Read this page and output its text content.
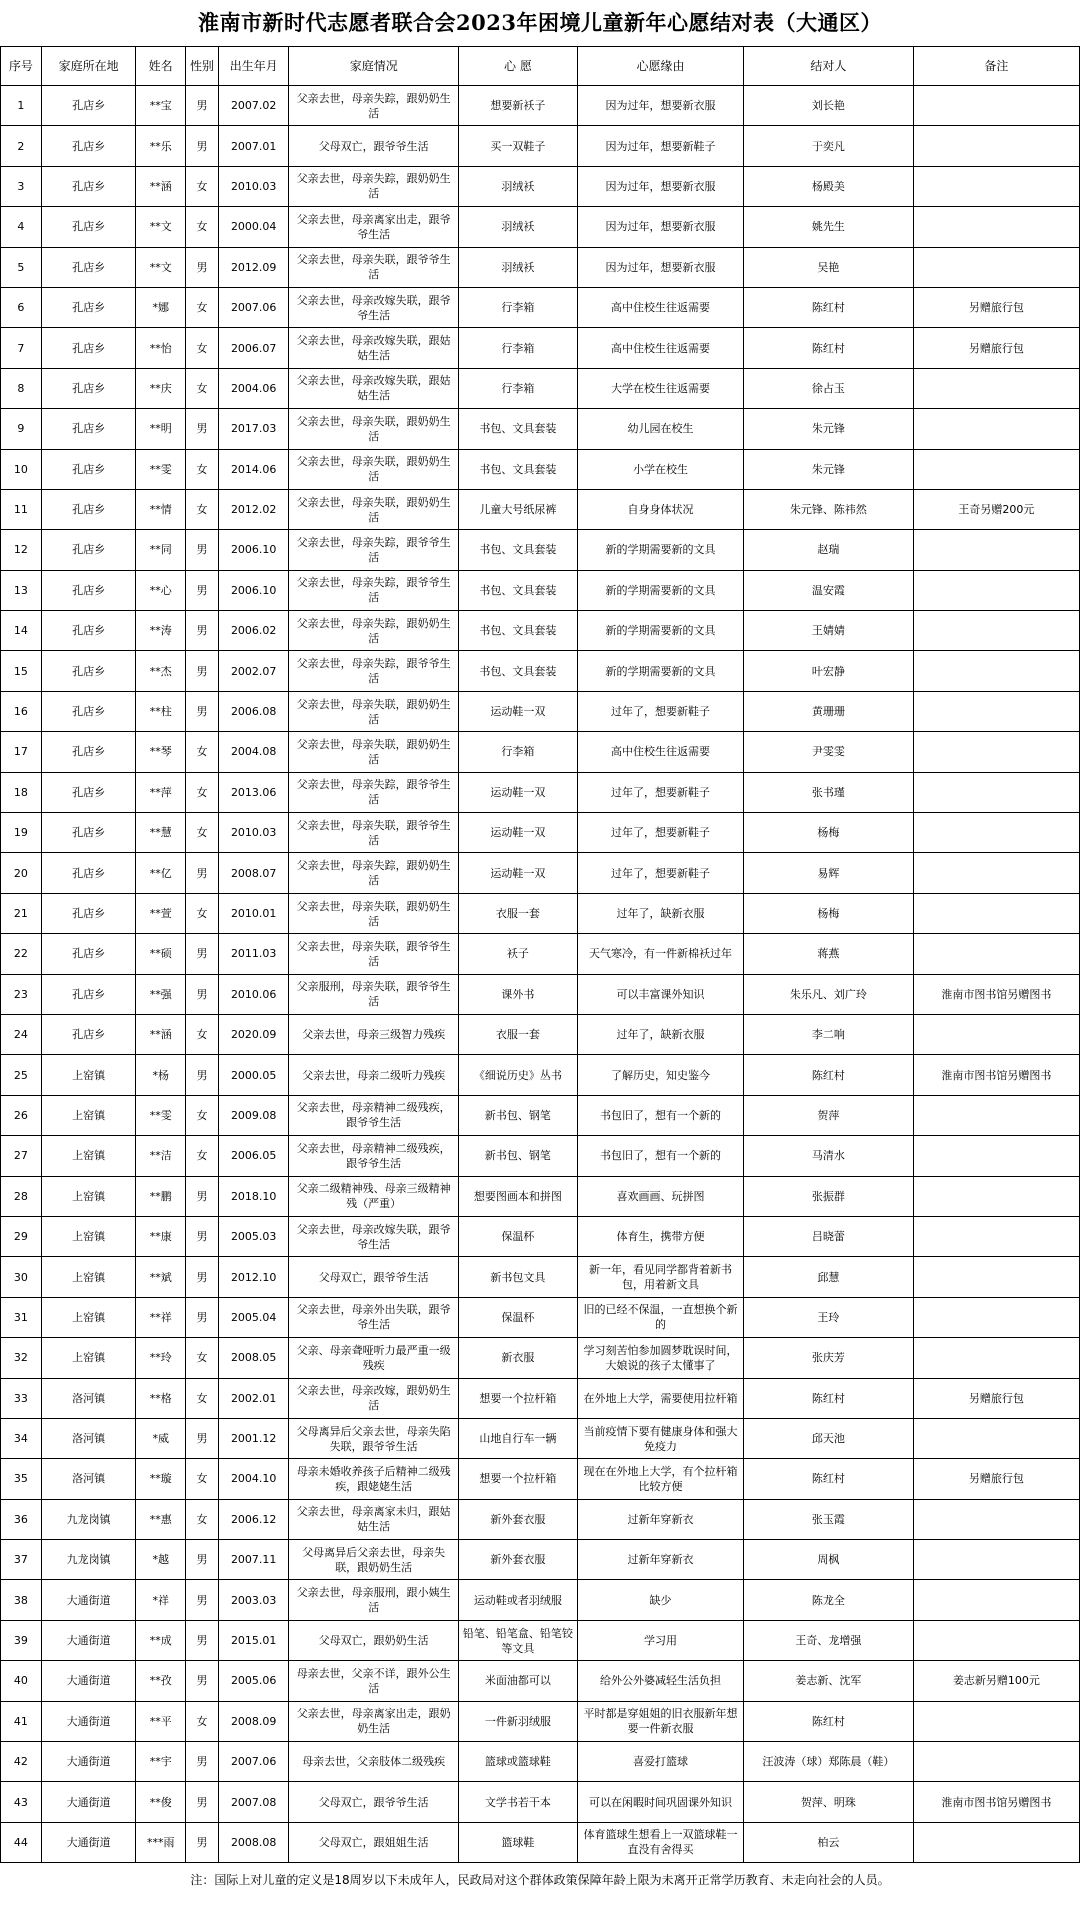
淮南市新时代志愿者联合会2023年困境儿童新年心愿结对表（大通区）
序号	家庭所在地	姓名	性别	出生年月	家庭情况	心 愿	心愿缘由	结对人	备注
1	孔店乡	**宝	男	2007.02	父亲去世，母亲失踪，跟奶奶生活	想要新袄子	因为过年，想要新衣服	刘长艳	
2	孔店乡	**乐	男	2007.01	父母双亡，跟爷爷生活	买一双鞋子	因为过年，想要新鞋子	于奕凡	
3	孔店乡	**涵	女	2010.03	父亲去世，母亲失踪，跟奶奶生活	羽绒袄	因为过年，想要新衣服	杨殿美	
4	孔店乡	**文	女	2000.04	父亲去世，母亲离家出走，跟爷爷生活	羽绒袄	因为过年，想要新衣服	姚先生	
5	孔店乡	**文	男	2012.09	父亲去世，母亲失联，跟爷爷生活	羽绒袄	因为过年，想要新衣服	吴艳	
6	孔店乡	*娜	女	2007.06	父亲去世，母亲改嫁失联，跟爷爷生活	行李箱	高中住校生往返需要	陈红村	另赠旅行包
7	孔店乡	**怡	女	2006.07	父亲去世，母亲改嫁失联，跟姑姑生活	行李箱	高中住校生往返需要	陈红村	另赠旅行包
8	孔店乡	**庆	女	2004.06	父亲去世，母亲改嫁失联，跟姑姑生活	行李箱	大学在校生往返需要	徐占玉	
9	孔店乡	**明	男	2017.03	父亲去世，母亲失联，跟奶奶生活	书包、文具套装	幼儿园在校生	朱元锋	
10	孔店乡	**雯	女	2014.06	父亲去世，母亲失联，跟奶奶生活	书包、文具套装	小学在校生	朱元锋	
11	孔店乡	**情	女	2012.02	父亲去世，母亲失联，跟奶奶生活	儿童大号纸尿裤	自身身体状况	朱元锋、陈祎然	王奇另赠200元
12	孔店乡	**同	男	2006.10	父亲去世，母亲失踪，跟爷爷生活	书包、文具套装	新的学期需要新的文具	赵瑞	
13	孔店乡	**心	男	2006.10	父亲去世，母亲失踪，跟爷爷生活	书包、文具套装	新的学期需要新的文具	温安霞	
14	孔店乡	**涛	男	2006.02	父亲去世，母亲失踪，跟奶奶生活	书包、文具套装	新的学期需要新的文具	王婧婧	
15	孔店乡	**杰	男	2002.07	父亲去世，母亲失踪，跟爷爷生活	书包、文具套装	新的学期需要新的文具	叶宏静	
16	孔店乡	**柱	男	2006.08	父亲去世，母亲失联，跟奶奶生活	运动鞋一双	过年了，想要新鞋子	黄珊珊	
17	孔店乡	**琴	女	2004.08	父亲去世，母亲失联，跟奶奶生活	行李箱	高中住校生往返需要	尹雯雯	
18	孔店乡	**萍	女	2013.06	父亲去世，母亲失踪，跟爷爷生活	运动鞋一双	过年了，想要新鞋子	张书瑾	
19	孔店乡	**慧	女	2010.03	父亲去世，母亲失联，跟爷爷生活	运动鞋一双	过年了，想要新鞋子	杨梅	
20	孔店乡	**亿	男	2008.07	父亲去世，母亲失踪，跟奶奶生活	运动鞋一双	过年了，想要新鞋子	易辉	
21	孔店乡	**萱	女	2010.01	父亲去世，母亲失联，跟奶奶生活	衣服一套	过年了，缺新衣服	杨梅	
22	孔店乡	**硕	男	2011.03	父亲去世，母亲失联，跟爷爷生活	袄子	天气寒冷，有一件新棉袄过年	蒋燕	
23	孔店乡	**强	男	2010.06	父亲服刑，母亲失联，跟爷爷生活	课外书	可以丰富课外知识	朱乐凡、刘广玲	淮南市图书馆另赠图书
24	孔店乡	**涵	女	2020.09	父亲去世，母亲三级智力残疾	衣服一套	过年了，缺新衣服	李二响	
25	上窑镇	*杨	男	2000.05	父亲去世，母亲二级听力残疾	《细说历史》丛书	了解历史，知史鉴今	陈红村	淮南市图书馆另赠图书
26	上窑镇	**雯	女	2009.08	父亲去世，母亲精神二级残疾，跟爷爷生活	新书包、钢笔	书包旧了，想有一个新的	贺萍	
27	上窑镇	**洁	女	2006.05	父亲去世，母亲精神二级残疾，跟爷爷生活	新书包、钢笔	书包旧了，想有一个新的	马清水	
28	上窑镇	**鹏	男	2018.10	父亲二级精神残、母亲三级精神残（严重）	想要图画本和拼图	喜欢画画、玩拼图	张振群	
29	上窑镇	**康	男	2005.03	父亲去世，母亲改嫁失联，跟爷爷生活	保温杯	体育生，携带方便	吕晓蕾	
30	上窑镇	**斌	男	2012.10	父母双亡，跟爷爷生活	新书包文具	新一年，看见同学都背着新书包，用着新文具	邱慧	
31	上窑镇	**祥	男	2005.04	父亲去世，母亲外出失联，跟爷爷生活	保温杯	旧的已经不保温，一直想换个新的	王玲	
32	上窑镇	**玲	女	2008.05	父亲、母亲聋哑听力最严重一级残疾	新衣服	学习刻苦怕参加圆梦耽误时间，大娘说的孩子太懂事了	张庆芳	
33	洛河镇	**格	女	2002.01	父亲去世，母亲改嫁，跟奶奶生活	想要一个拉杆箱	在外地上大学，需要使用拉杆箱	陈红村	另赠旅行包
34	洛河镇	*威	男	2001.12	父母离异后父亲去世，母亲失陷失联，跟爷爷生活	山地自行车一辆	当前疫情下要有健康身体和强大免疫力	邱天池	
35	洛河镇	**璇	女	2004.10	母亲未婚收养孩子后精神二级残疾，跟姥姥生活	想要一个拉杆箱	现在在外地上大学，有个拉杆箱比较方便	陈红村	另赠旅行包
36	九龙岗镇	**惠	女	2006.12	父亲去世，母亲离家未归，跟姑姑生活	新外套衣服	过新年穿新衣	张玉霞	
37	九龙岗镇	*越	男	2007.11	父母离异后父亲去世，母亲失联，跟奶奶生活	新外套衣服	过新年穿新衣	周枫	
38	大通街道	*祥	男	2003.03	父亲去世，母亲服刑，跟小姨生活	运动鞋或者羽绒服	缺少	陈龙全	
39	大通街道	**成	男	2015.01	父母双亡，跟奶奶生活	铅笔、铅笔盒、铅笔铰等文具	学习用	王奇、龙增强	
40	大通街道	**孜	男	2005.06	母亲去世，父亲不详，跟外公生活	米面油都可以	给外公外婆减轻生活负担	姜志新、沈军	姜志新另赠100元
41	大通街道	**平	女	2008.09	父亲去世，母亲离家出走，跟奶奶生活	一件新羽绒服	平时都是穿姐姐的旧衣服新年想要一件新衣服	陈红村	
42	大通街道	**宇	男	2007.06	母亲去世，父亲肢体二级残疾	篮球或篮球鞋	喜爱打篮球	汪波涛（球）郑陈晨（鞋）	
43	大通街道	**俊	男	2007.08	父母双亡，跟爷爷生活	文学书若干本	可以在闲暇时间巩固课外知识	贺萍、明珠	淮南市图书馆另赠图书
44	大通街道	***雨	男	2008.08	父母双亡，跟姐姐生活	篮球鞋	体育篮球生想看上一双篮球鞋一直没有舍得买	柏云	
注：国际上对儿童的定义是18周岁以下未成年人，民政局对这个群体政策保障年龄上限为未离开正常学历教育、未走向社会的人员。
